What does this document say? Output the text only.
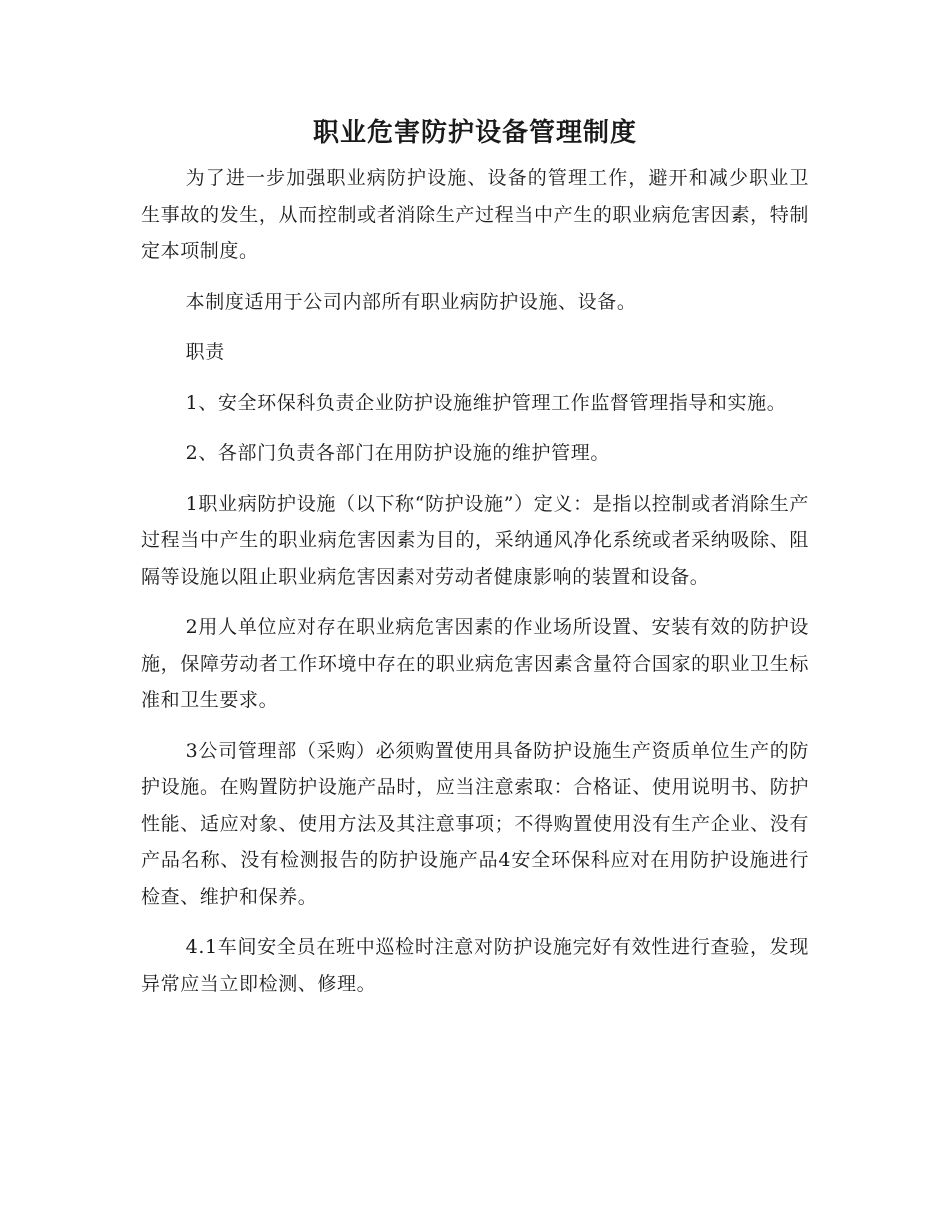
职业危害防护设备管理制度

为了进一步加强职业病防护设施、设备的管理工作，避开和减少职业卫生事故的发生，从而控制或者消除生产过程当中产生的职业病危害因素，特制定本项制度。

本制度适用于公司内部所有职业病防护设施、设备。

职责

1、安全环保科负责企业防护设施维护管理工作监督管理指导和实施。

2、各部门负责各部门在用防护设施的维护管理。

1职业病防护设施（以下称“防护设施”）定义：是指以控制或者消除生产过程当中产生的职业病危害因素为目的，采纳通风净化系统或者采纳吸除、阻隔等设施以阻止职业病危害因素对劳动者健康影响的装置和设备。

2用人单位应对存在职业病危害因素的作业场所设置、安装有效的防护设施，保障劳动者工作环境中存在的职业病危害因素含量符合国家的职业卫生标准和卫生要求。

3公司管理部（采购）必须购置使用具备防护设施生产资质单位生产的防护设施。在购置防护设施产品时，应当注意索取：合格证、使用说明书、防护性能、适应对象、使用方法及其注意事项；不得购置使用没有生产企业、没有产品名称、没有检测报告的防护设施产品4安全环保科应对在用防护设施进行检查、维护和保养。

4.1车间安全员在班中巡检时注意对防护设施完好有效性进行查验，发现异常应当立即检测、修理。
